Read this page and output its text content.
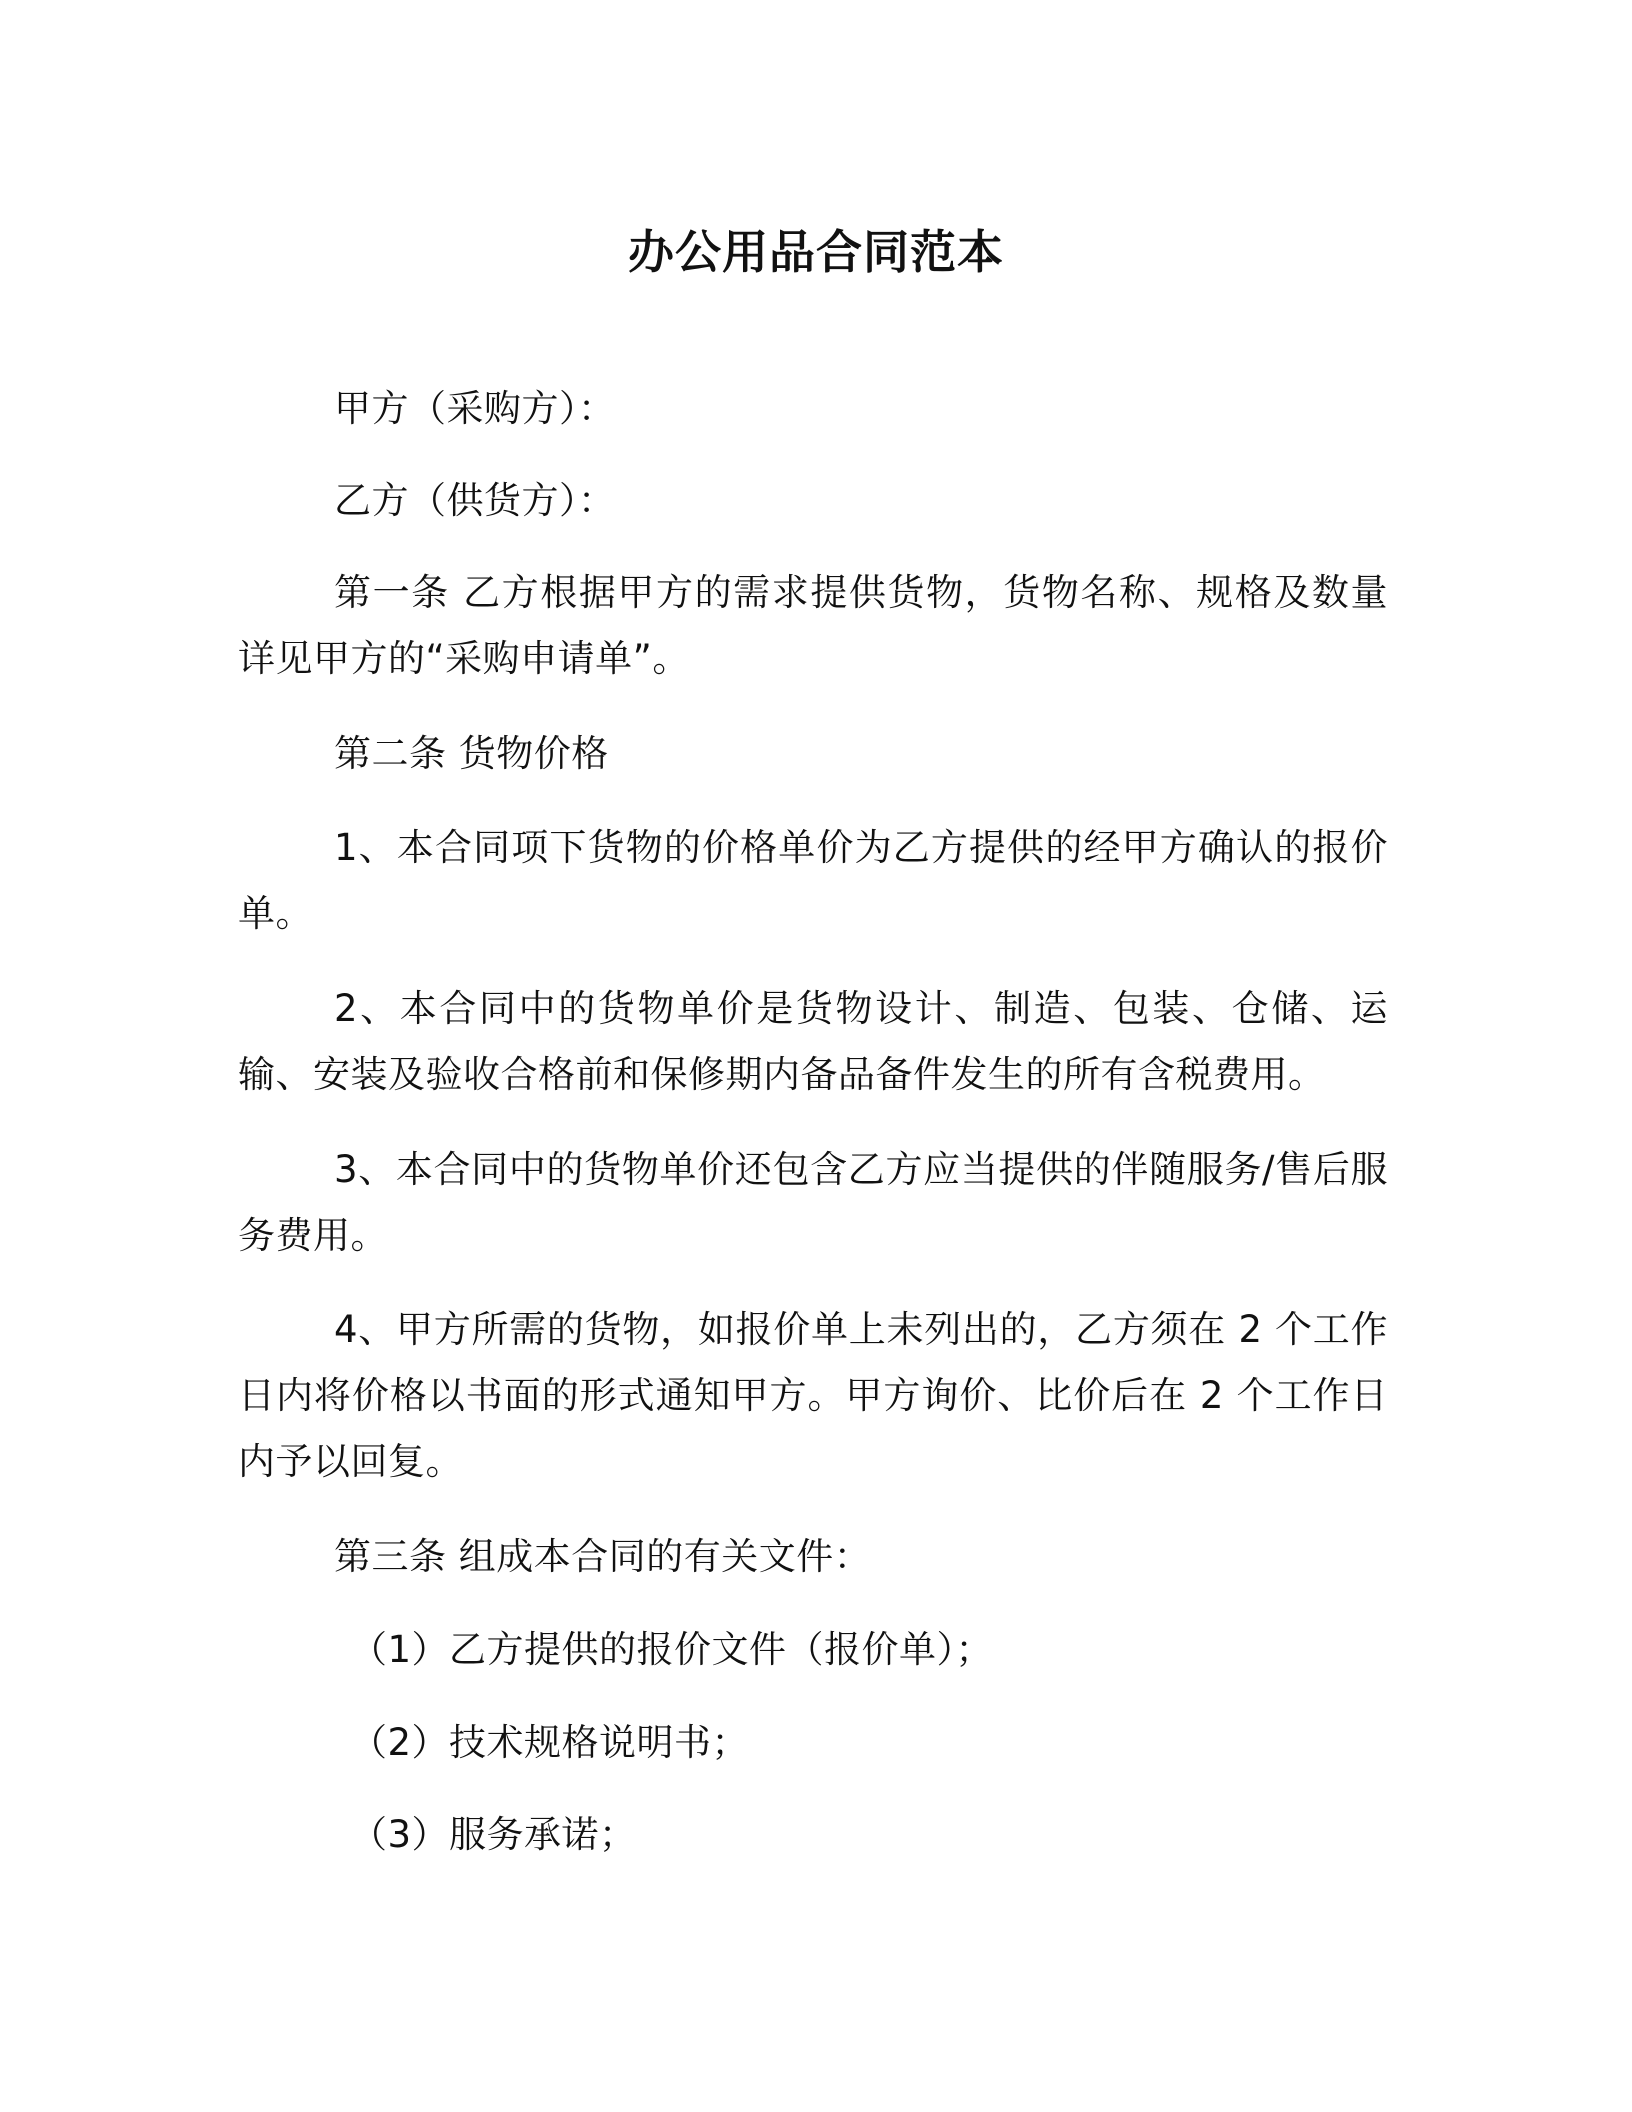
办公用品合同范本
甲方（采购方）：
乙方（供货方）：
第一条 乙方根据甲方的需求提供货物，货物名称、规格及数量详见甲方的“采购申请单”。
第二条 货物价格
1、本合同项下货物的价格单价为乙方提供的经甲方确认的报价单。
2、本合同中的货物单价是货物设计、制造、包装、仓储、运输、安装及验收合格前和保修期内备品备件发生的所有含税费用。
3、本合同中的货物单价还包含乙方应当提供的伴随服务/售后服务费用。
4、甲方所需的货物，如报价单上未列出的，乙方须在 2 个工作日内将价格以书面的形式通知甲方。甲方询价、比价后在 2 个工作日内予以回复。
第三条 组成本合同的有关文件：
（1）乙方提供的报价文件（报价单）；
（2）技术规格说明书；
（3）服务承诺；
